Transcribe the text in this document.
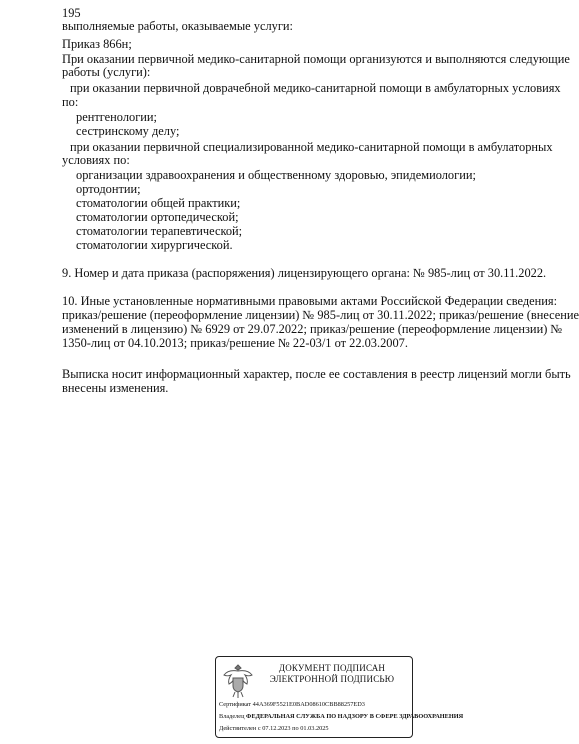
195
выполняемые работы, оказываемые услуги:
Приказ 866н;
При оказании первичной медико-санитарной помощи организуются и выполняются следующие
работы (услуги):
при оказании первичной доврачебной медико-санитарной помощи в амбулаторных условиях
по:
рентгенологии;
сестринскому делу;
при оказании первичной специализированной медико-санитарной помощи в амбулаторных
условиях по:
организации здравоохранения и общественному здоровью, эпидемиологии;
ортодонтии;
стоматологии общей практики;
стоматологии ортопедической;
стоматологии терапевтической;
стоматологии хирургической.
9. Номер и дата приказа (распоряжения) лицензирующего органа: № 985-лиц от 30.11.2022.
10. Иные установленные нормативными правовыми актами Российской Федерации сведения:
приказ/решение (переоформление лицензии) № 985-лиц от 30.11.2022; приказ/решение (внесение
изменений в лицензию) № 6929 от 29.07.2022; приказ/решение (переоформление лицензии) №
1350-лиц от 04.10.2013; приказ/решение № 22-03/1 от 22.03.2007.
Выписка носит информационный характер, после ее составления в реестр лицензий могли быть
внесены изменения.
ДОКУМЕНТ ПОДПИСАН
ЭЛЕКТРОННОЙ ПОДПИСЬЮ
Сертификат 44A369F5521E0BAD08610CBB88257ED3
Владелец ФЕДЕРАЛЬНАЯ СЛУЖБА ПО НАДЗОРУ В СФЕРЕ ЗДРАВООХРАНЕНИЯ
Действителен с 07.12.2023 по 01.03.2025
